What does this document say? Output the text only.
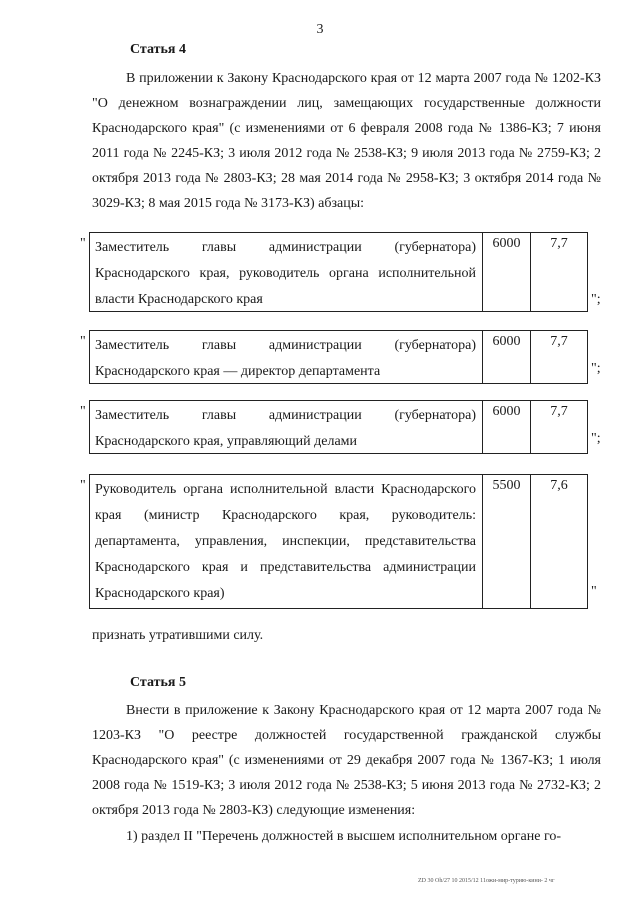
3
Статья 4
В приложении к Закону Краснодарского края от 12 марта 2007 года № 1202-КЗ "О денежном вознаграждении лиц, замещающих государственные должности Краснодарского края" (с изменениями от 6 февраля 2008 года № 1386-КЗ; 7 июня 2011 года № 2245-КЗ; 3 июля 2012 года № 2538-КЗ; 9 июля 2013 года № 2759-КЗ; 2 октября 2013 года № 2803-КЗ; 28 мая 2014 года № 2958-КЗ; 3 октября 2014 года № 3029-КЗ; 8 мая 2015 года № 3173-КЗ) абзацы:
" Заместитель главы администрации (губернатора) Краснодарского края, руководитель органа исполнительной власти Краснодарского края
6000	7,7
";
" Заместитель главы администрации (губернатора) Краснодарского края — директор департамента
6000	7,7
";
" Заместитель главы администрации (губернатора) Краснодарского края, управляющий делами
6000	7,7
";
" Руководитель органа исполнительной власти Краснодарского края (министр Краснодарского края, руководитель: департамента, управления, инспекции, представительства Краснодарского края и представительства администрации Краснодарского края)
5500	7,6
"
признать утратившими силу.
Статья 5
Внести в приложение к Закону Краснодарского края от 12 марта 2007 года № 1203-КЗ "О реестре должностей государственной гражданской службы Краснодарского края" (с изменениями от 29 декабря 2007 года № 1367-КЗ; 1 июля 2008 года № 1519-КЗ; 3 июля 2012 года № 2538-КЗ; 5 июня 2013 года № 2732-КЗ; 2 октября 2013 года № 2803-КЗ) следующие изменения:
1) раздел II "Перечень должностей в высшем исполнительном органе го-
ZD 30 Oh/27 10 2015/12 11ожи-мир-турию-кини- 2 чг
